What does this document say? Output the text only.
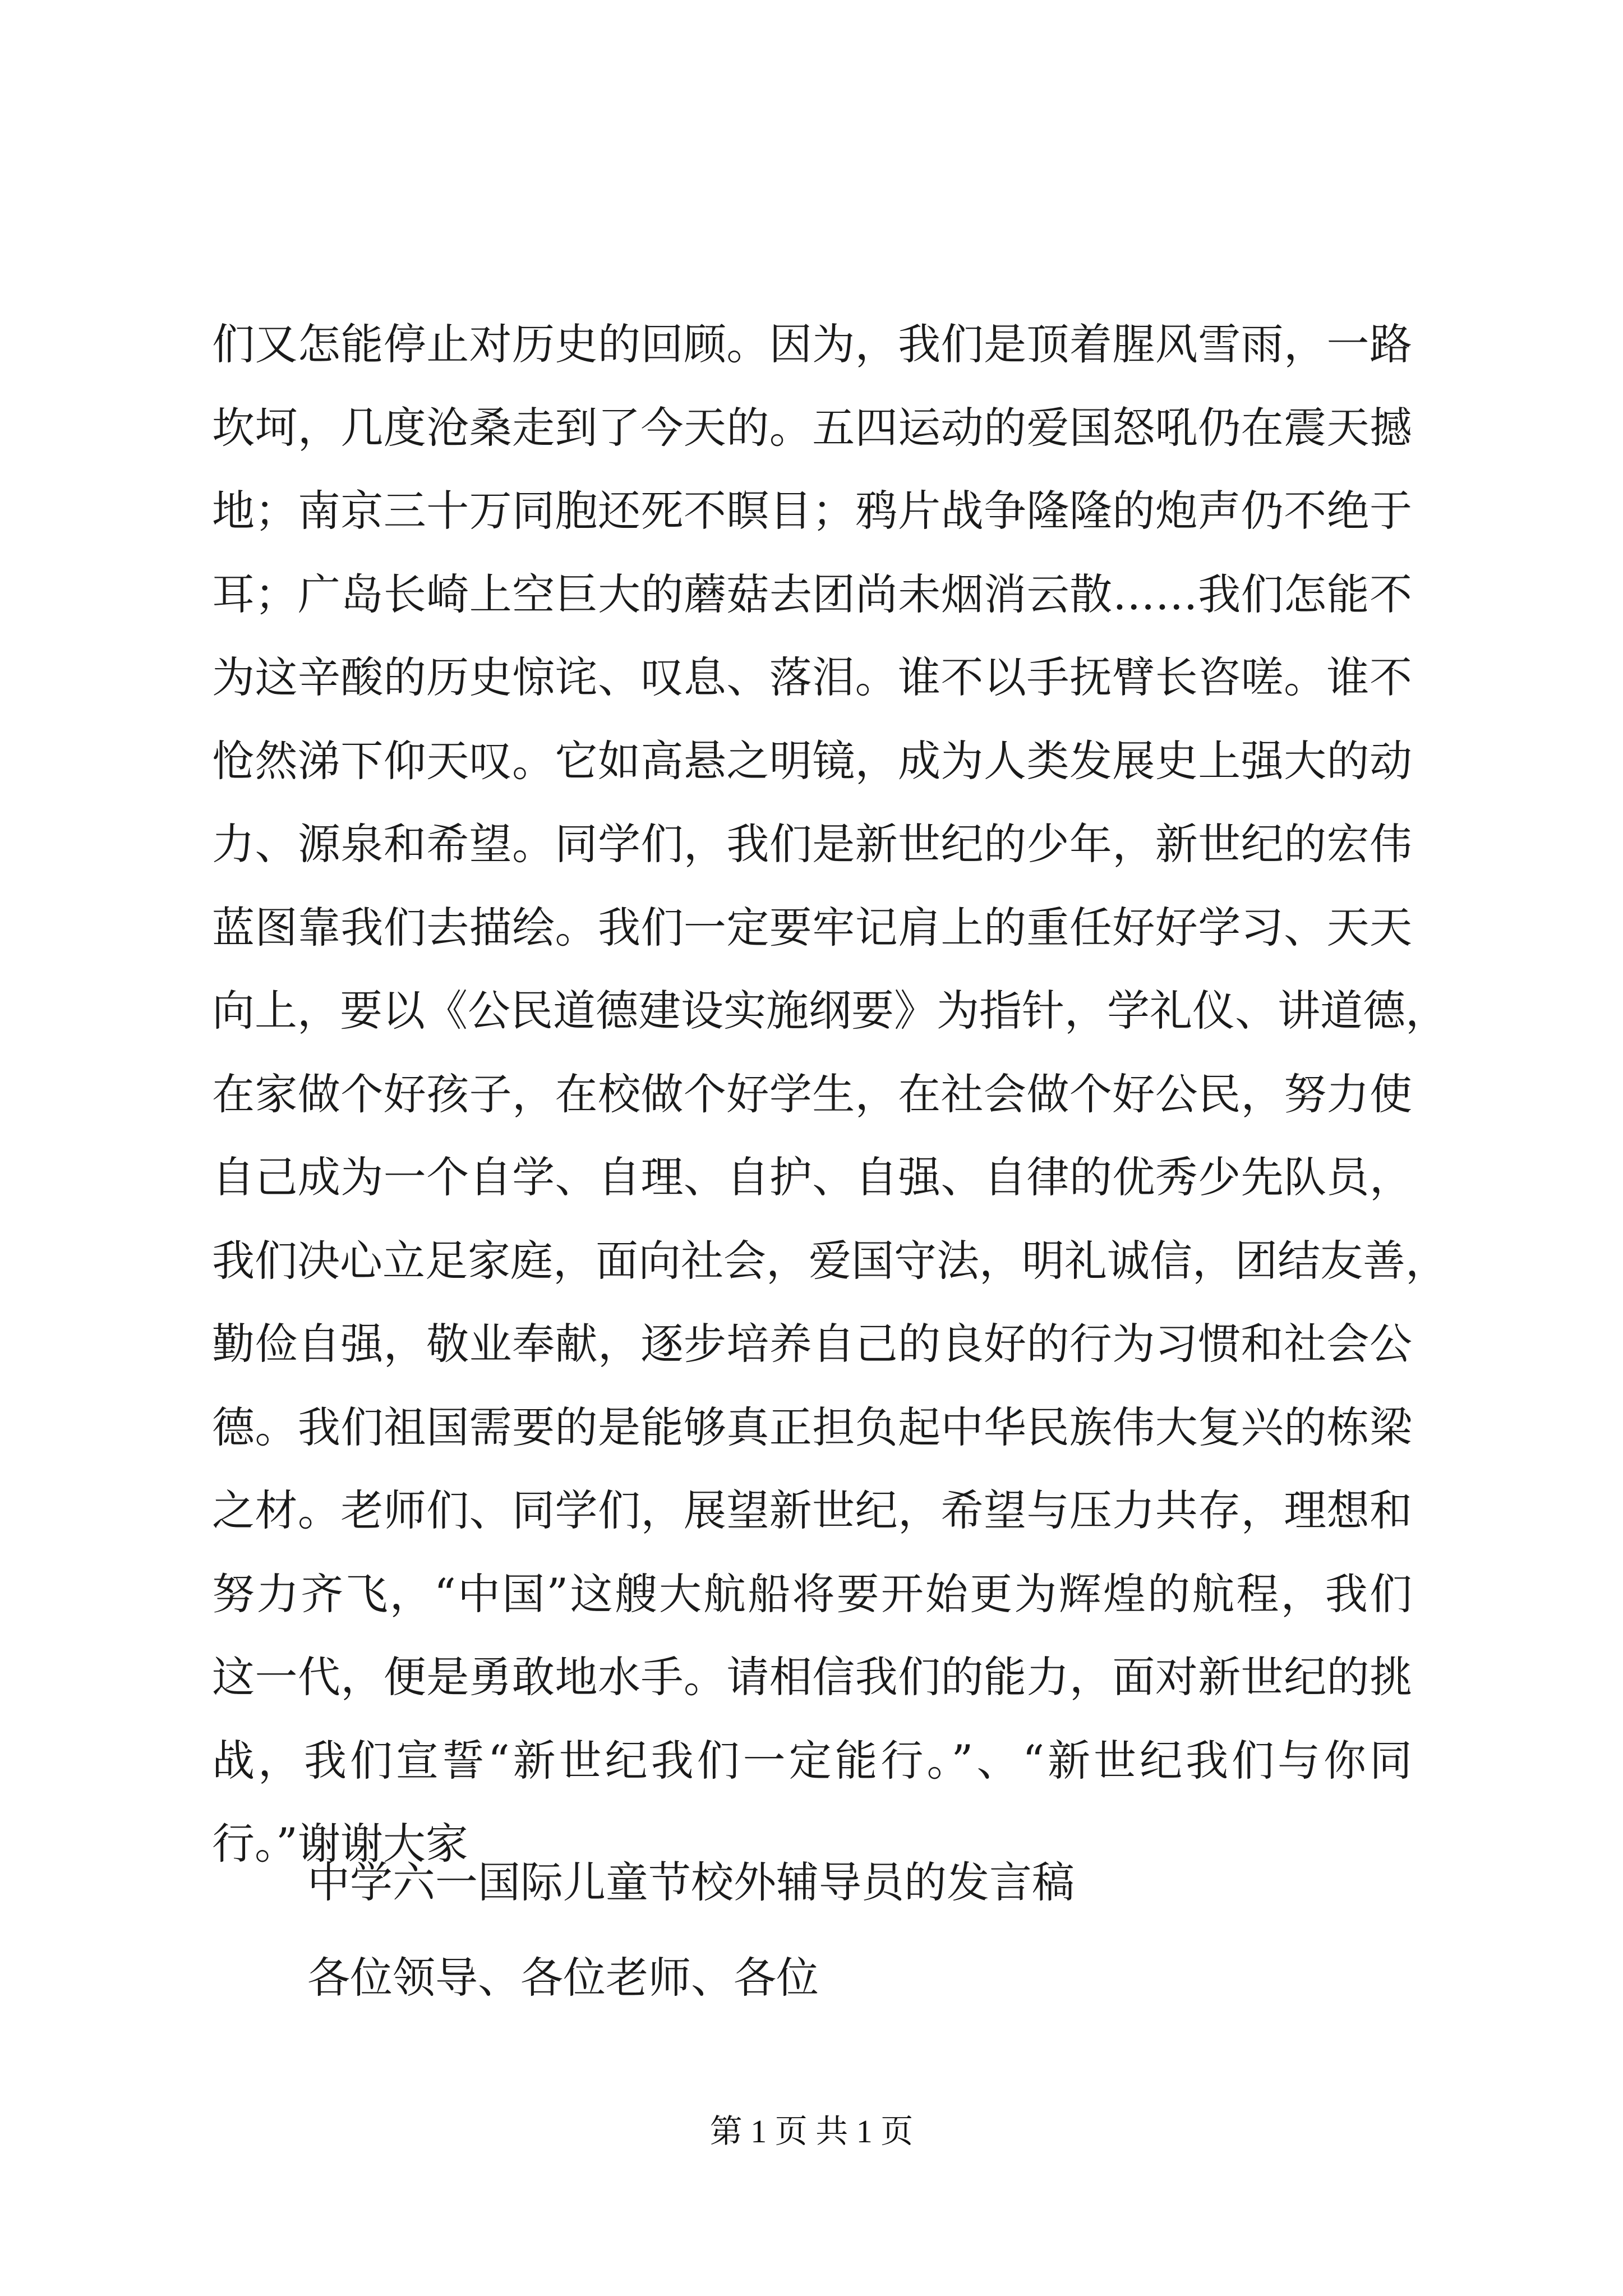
们又怎能停止对历史的回顾。因为，我们是顶着腥风雪雨，一路
坎坷，几度沧桑走到了今天的。五四运动的爱国怒吼仍在震天撼
地；南京三十万同胞还死不瞑目；鸦片战争隆隆的炮声仍不绝于
耳；广岛长崎上空巨大的蘑菇去团尚未烟消云散……我们怎能不
为这辛酸的历史惊诧、叹息、落泪。谁不以手抚臂长咨嗟。谁不
怆然涕下仰天叹。它如高悬之明镜，成为人类发展史上强大的动
力、源泉和希望。同学们，我们是新世纪的少年，新世纪的宏伟
蓝图靠我们去描绘。我们一定要牢记肩上的重任好好学习、天天
向上，要以《公民道德建设实施纲要》为指针，学礼仪、讲道德，
在家做个好孩子，在校做个好学生，在社会做个好公民，努力使
自己成为一个自学、自理、自护、自强、自律的优秀少先队员，
我们决心立足家庭，面向社会，爱国守法，明礼诚信，团结友善，
勤俭自强，敬业奉献，逐步培养自己的良好的行为习惯和社会公
德。我们祖国需要的是能够真正担负起中华民族伟大复兴的栋梁
之材。老师们、同学们，展望新世纪，希望与压力共存，理想和
努力齐飞，“中国”这艘大航船将要开始更为辉煌的航程，我们
这一代，便是勇敢地水手。请相信我们的能力，面对新世纪的挑
战，我们宣誓“新世纪我们一定能行。”、“新世纪我们与你同
行。”谢谢大家
中学六一国际儿童节校外辅导员的发言稿
各位领导、各位老师、各位
第 1 页 共 1 页
